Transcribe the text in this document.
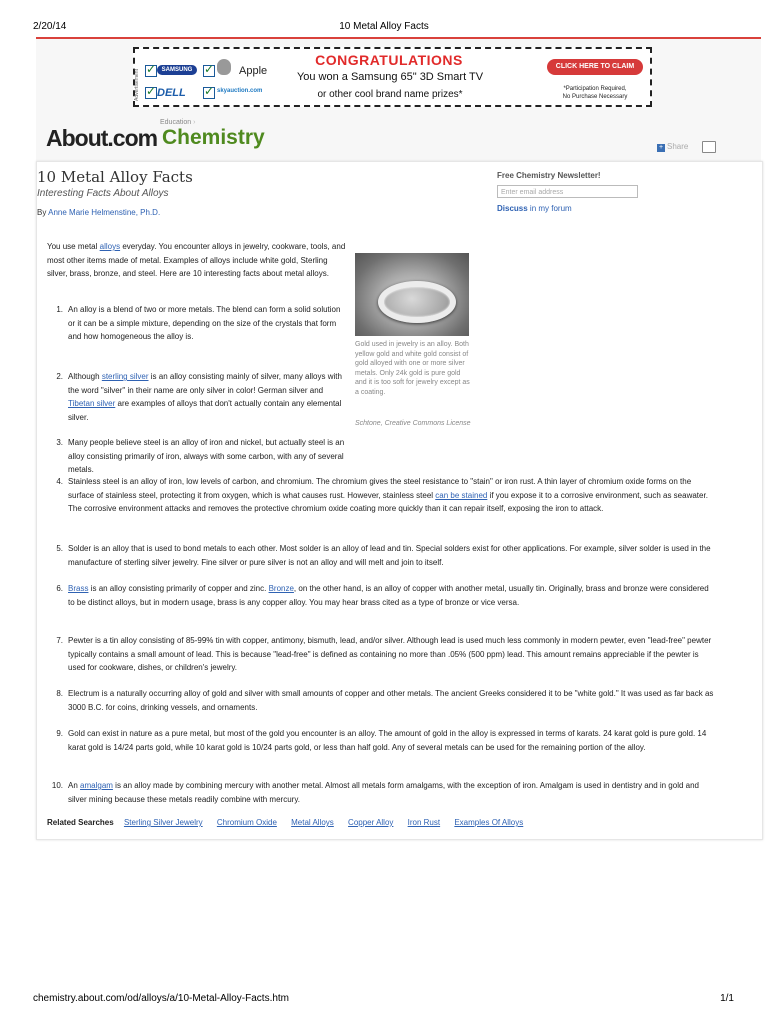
2/20/14	10 Metal Alloy Facts
Advertisement ✓	SAMSUNG ✓	Apple
✓
DELL ✓	skyauction.com
CONGRATULATIONS
You won a Samsung 65" 3D Smart TV
or other cool brand name prizes*
CLICK HERE TO CLAIM
*Participation Required,
No Purchase Necessary
Education ›
About.com Chemistry	+ Share
10 Metal Alloy Facts
Interesting Facts About Alloys
By Anne Marie Helmenstine, Ph.D.
Free Chemistry Newsletter!
Enter email address
Discuss in my forum
You use metal alloys everyday. You encounter alloys in jewelry, cookware, tools, and most other items made of metal. Examples of alloys include white gold, Sterling silver, brass, bronze, and steel. Here are 10 interesting facts about metal alloys.
Gold used in jewelry is an alloy. Both yellow gold and white gold consist of gold alloyed with one or more silver metals. Only 24k gold is pure gold and it is too soft for jewelry except as a coating.
Schtone, Creative Commons License
1. An alloy is a blend of two or more metals. The blend can form a solid solution or it can be a simple mixture, depending on the size of the crystals that form and how homogeneous the alloy is.
2. Although sterling silver is an alloy consisting mainly of silver, many alloys with the word "silver" in their name are only silver in color! German silver and Tibetan silver are examples of alloys that don't actually contain any elemental silver.
3. Many people believe steel is an alloy of iron and nickel, but actually steel is an alloy consisting primarily of iron, always with some carbon, with any of several metals.
4. Stainless steel is an alloy of iron, low levels of carbon, and chromium. The chromium gives the steel resistance to "stain" or iron rust. A thin layer of chromium oxide forms on the surface of stainless steel, protecting it from oxygen, which is what causes rust. However, stainless steel can be stained if you expose it to a corrosive environment, such as seawater. The corrosive environment attacks and removes the protective chromium oxide coating more quickly than it can repair itself, exposing the iron to attack.
5. Solder is an alloy that is used to bond metals to each other. Most solder is an alloy of lead and tin. Special solders exist for other applications. For example, silver solder is used in the manufacture of sterling silver jewelry. Fine silver or pure silver is not an alloy and will melt and join to itself.
6. Brass is an alloy consisting primarily of copper and zinc. Bronze, on the other hand, is an alloy of copper with another metal, usually tin. Originally, brass and bronze were considered to be distinct alloys, but in modern usage, brass is any copper alloy. You may hear brass cited as a type of bronze or vice versa.
7. Pewter is a tin alloy consisting of 85-99% tin with copper, antimony, bismuth, lead, and/or silver. Although lead is used much less commonly in modern pewter, even "lead-free" pewter typically contains a small amount of lead. This is because "lead-free" is defined as containing no more than .05% (500 ppm) lead. This amount remains appreciable if the pewter is used for cookware, dishes, or children's jewelry.
8. Electrum is a naturally occurring alloy of gold and silver with small amounts of copper and other metals. The ancient Greeks considered it to be "white gold." It was used as far back as 3000 B.C. for coins, drinking vessels, and ornaments.
9. Gold can exist in nature as a pure metal, but most of the gold you encounter is an alloy. The amount of gold in the alloy is expressed in terms of karats. 24 karat gold is pure gold. 14 karat gold is 14/24 parts gold, while 10 karat gold is 10/24 parts gold, or less than half gold. Any of several metals can be used for the remaining portion of the alloy.
10. An amalgam is an alloy made by combining mercury with another metal. Almost all metals form amalgams, with the exception of iron. Amalgam is used in dentistry and in gold and silver mining because these metals readily combine with mercury.
Related Searches Sterling Silver Jewelry Chromium Oxide Metal Alloys Copper Alloy Iron Rust Examples Of Alloys
chemistry.about.com/od/alloys/a/10-Metal-Alloy-Facts.htm	1/1
